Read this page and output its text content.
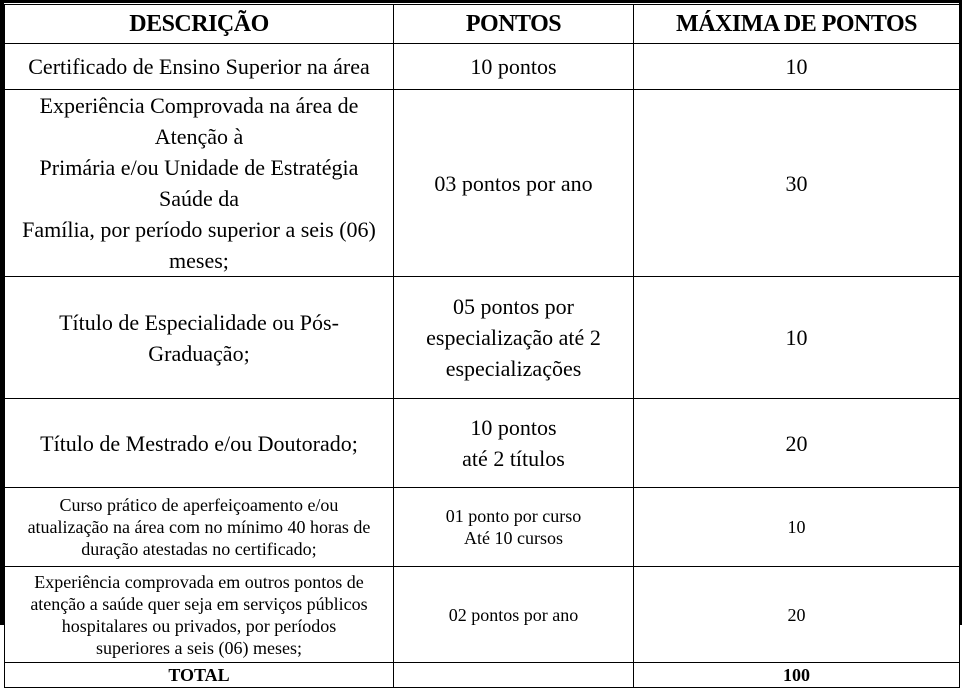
DESCRIÇÃO	PONTOS	MÁXIMA DE PONTOS

Certificado de Ensino Superior na área	10 pontos	10

Experiência Comprovada na área de Atenção à
Primária e/ou Unidade de Estratégia Saúde da
Família, por período superior a seis (06) meses;	03 pontos por ano	30

Título de Especialidade ou Pós-Graduação;	05 pontos por
especialização até 2
especializações	10

Título de Mestrado e/ou Doutorado;	10 pontos
até 2 títulos	20

Curso prático de aperfeiçoamento e/ou
atualização na área com no mínimo 40 horas de
duração atestadas no certificado;	01 ponto por curso
Até 10 cursos	10

Experiência comprovada em outros pontos de
atenção a saúde quer seja em serviços públicos
hospitalares ou privados, por períodos
superiores a seis (06) meses;	02 pontos por ano	20
TOTAL		100
